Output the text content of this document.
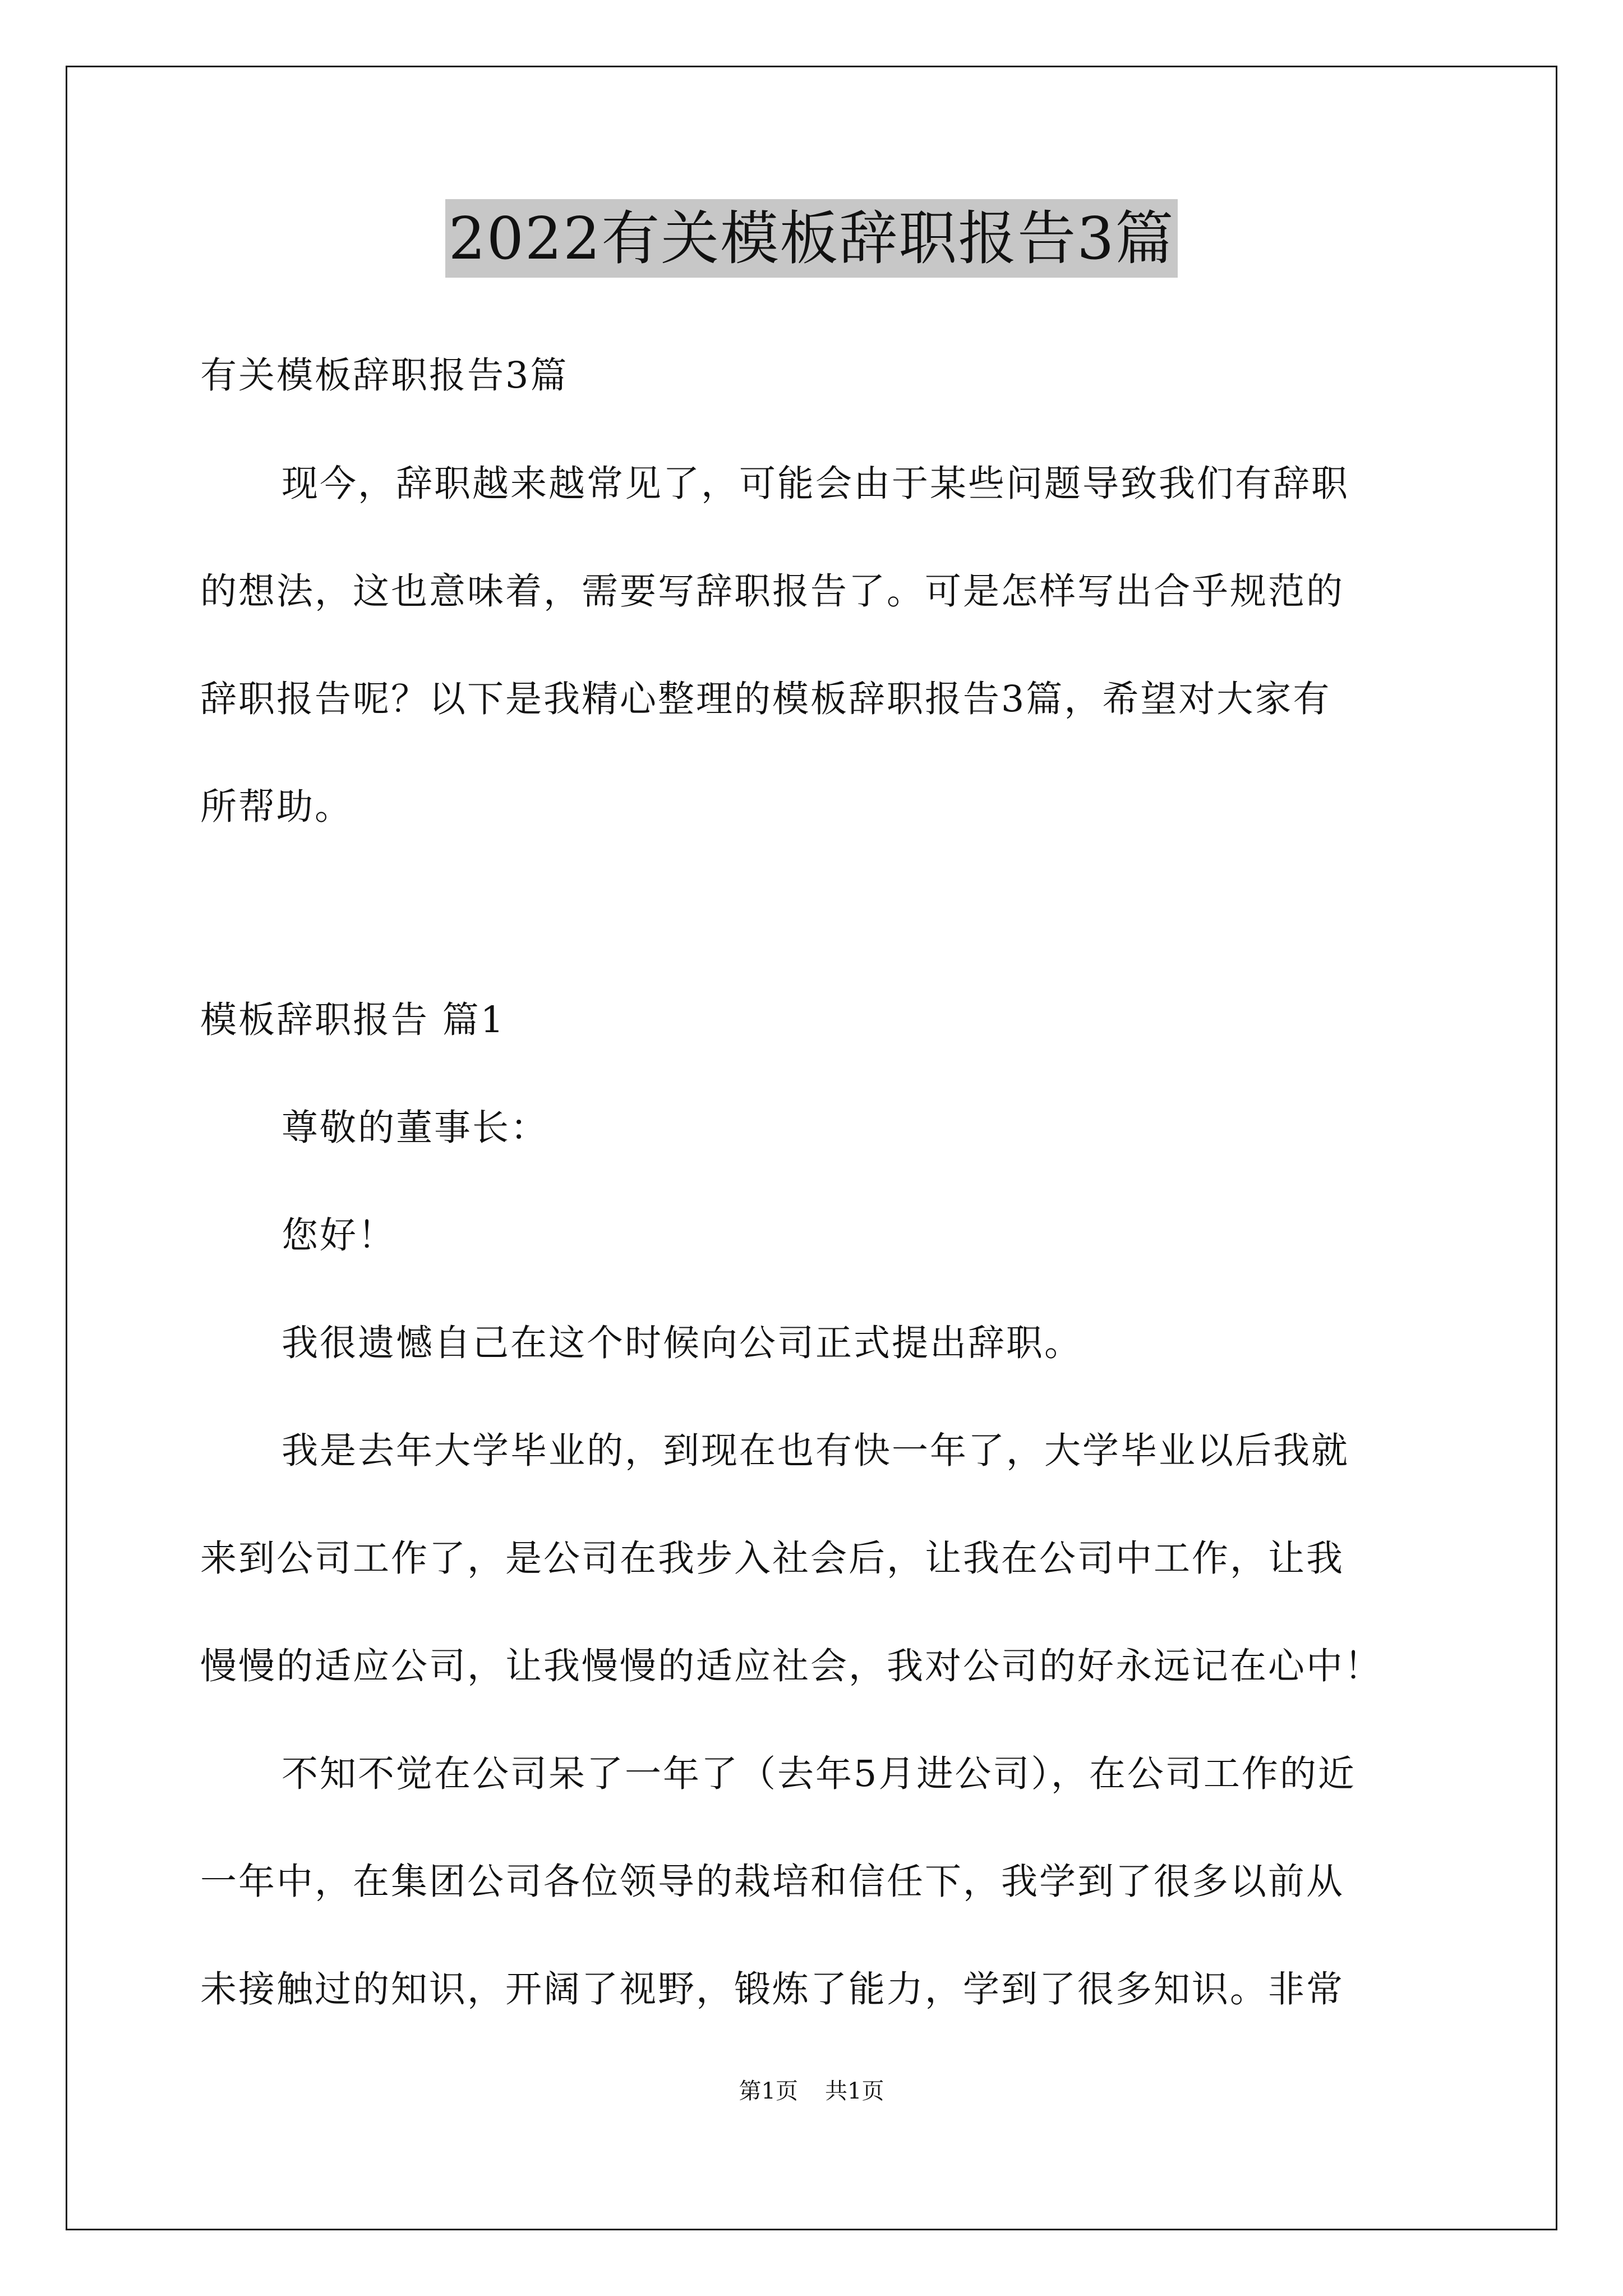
2022有关模板辞职报告3篇
有关模板辞职报告3篇
现今，辞职越来越常见了，可能会由于某些问题导致我们有辞职
的想法，这也意味着，需要写辞职报告了。可是怎样写出合乎规范的
辞职报告呢？以下是我精心整理的模板辞职报告3篇，希望对大家有
所帮助。
模板辞职报告 篇1
尊敬的董事长：
您好！
我很遗憾自己在这个时候向公司正式提出辞职。
我是去年大学毕业的，到现在也有快一年了，大学毕业以后我就
来到公司工作了，是公司在我步入社会后，让我在公司中工作，让我
慢慢的适应公司，让我慢慢的适应社会，我对公司的好永远记在心中！
不知不觉在公司呆了一年了（去年5月进公司），在公司工作的近
一年中，在集团公司各位领导的栽培和信任下，我学到了很多以前从
未接触过的知识，开阔了视野，锻炼了能力，学到了很多知识。非常
第1页 共1页
